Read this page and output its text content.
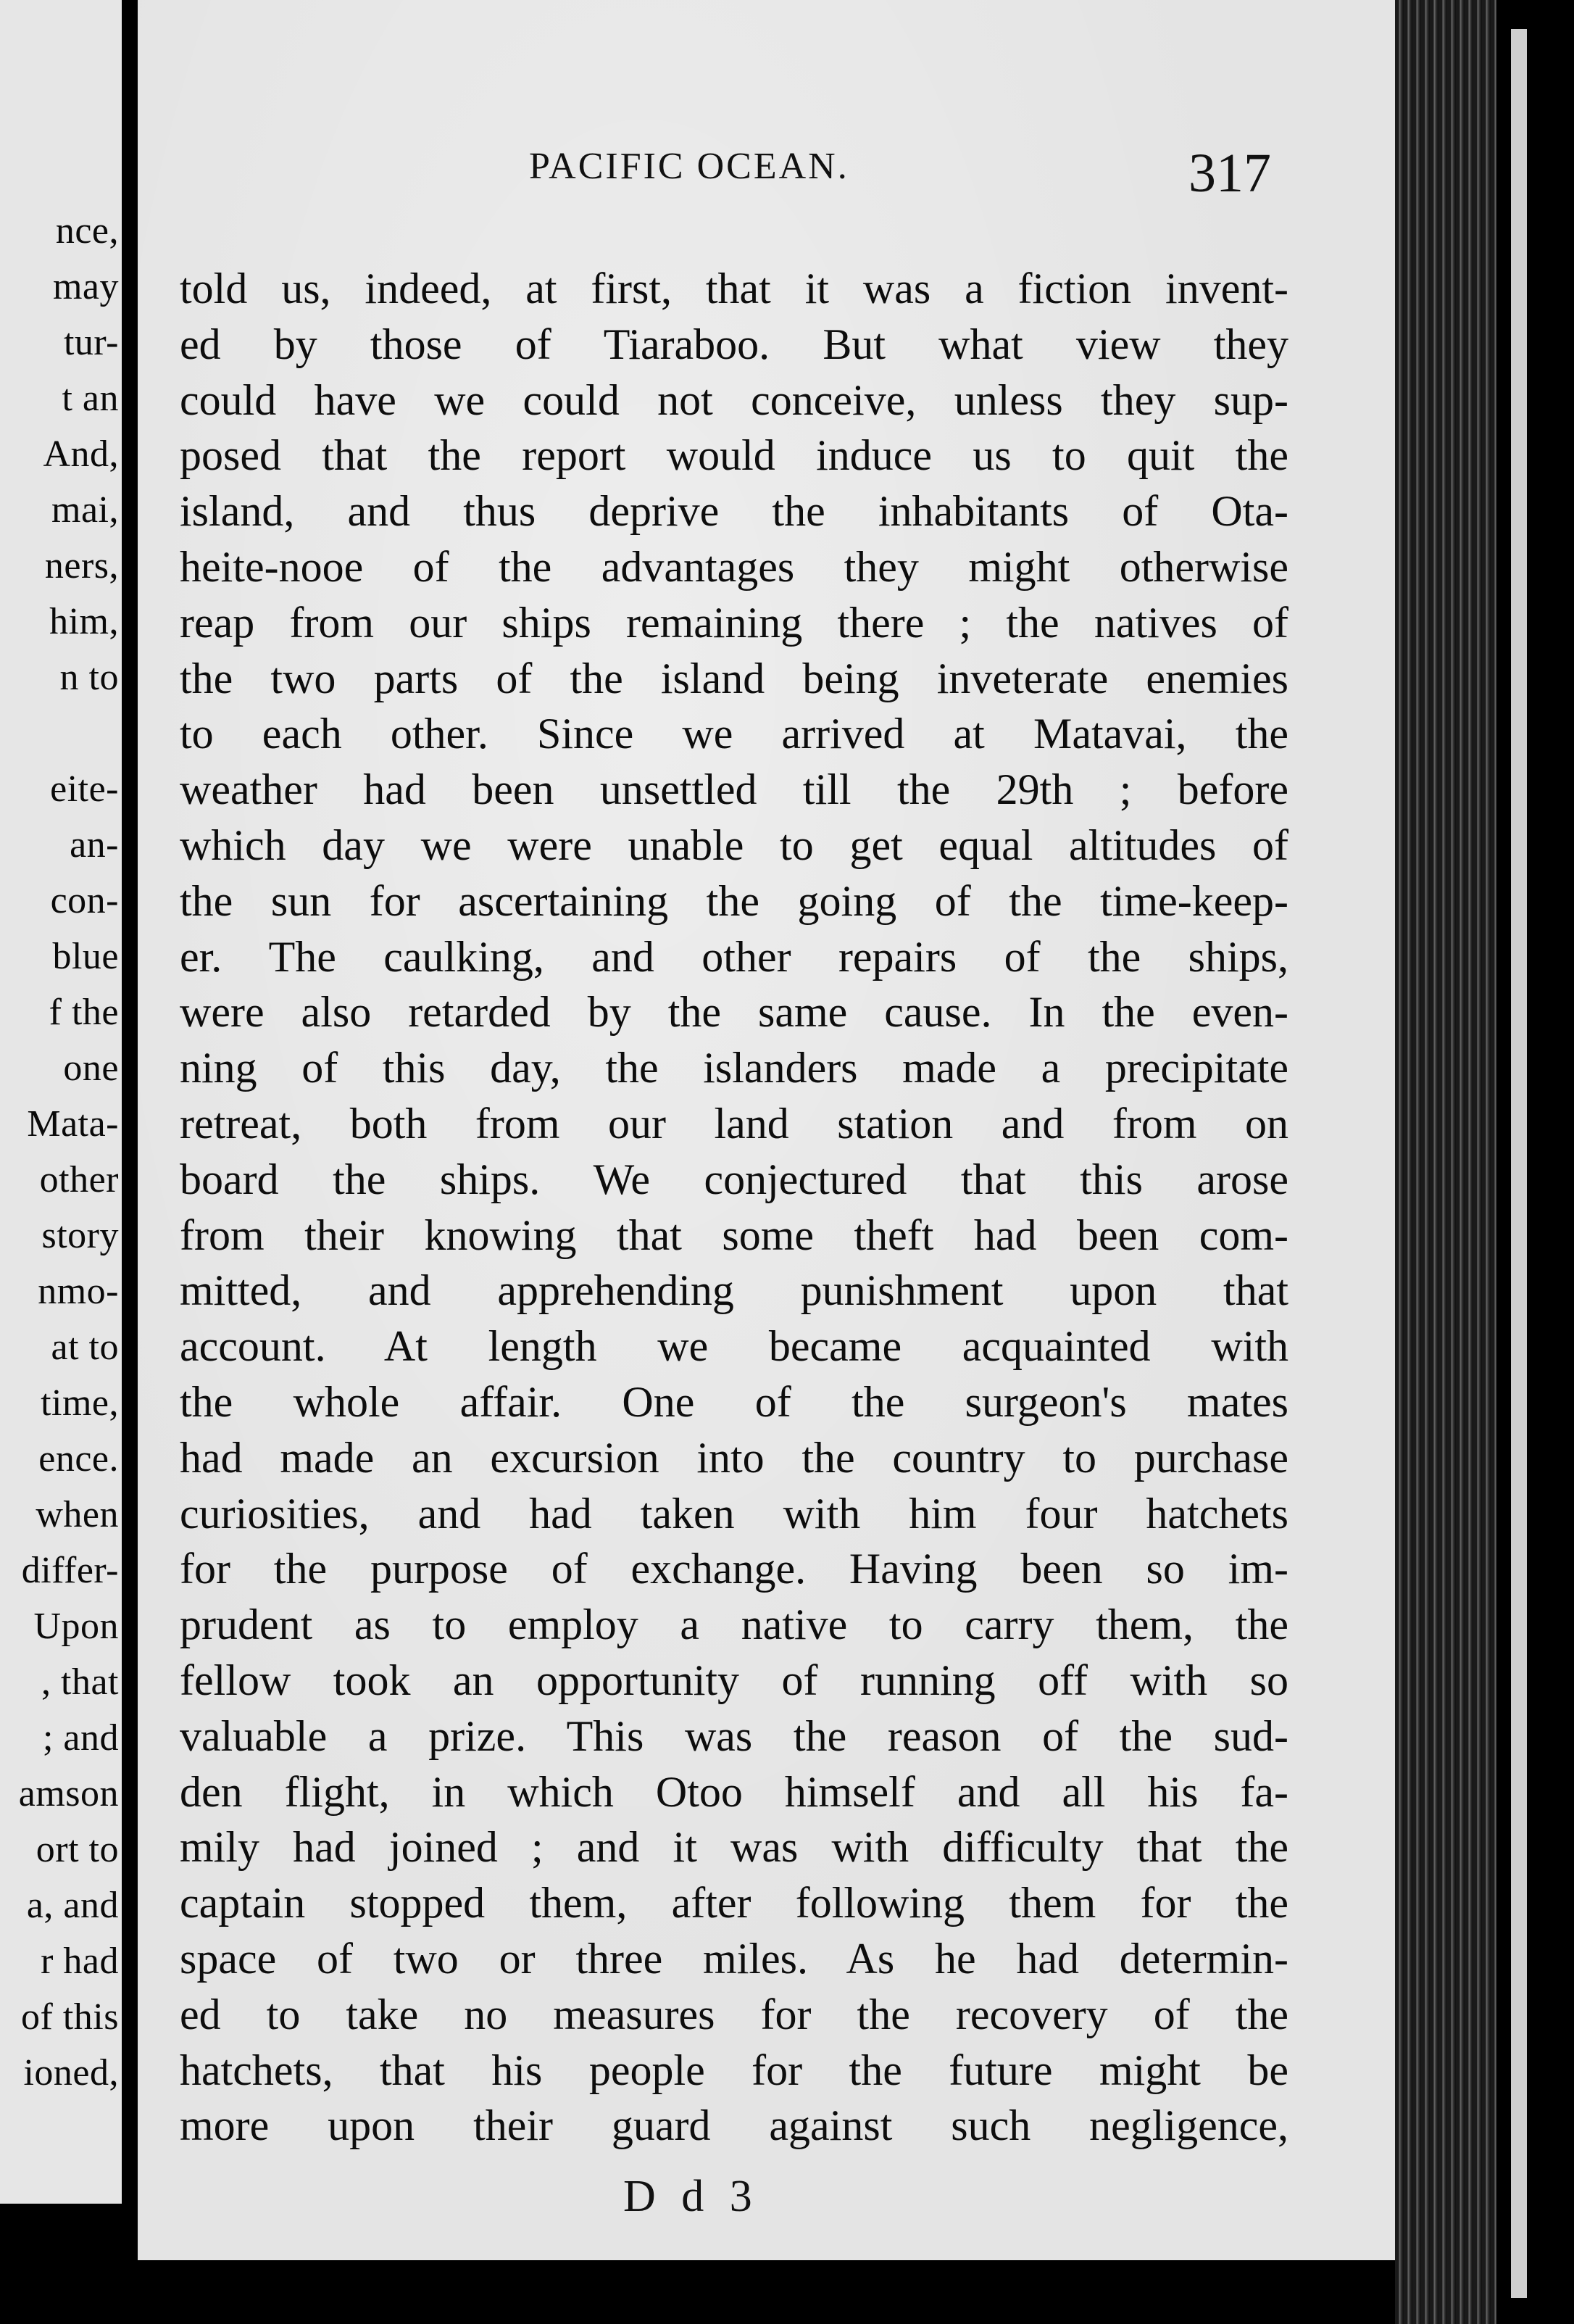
nce,
may
tur-
t an
And,
mai,
ners,
him,
n to
eite-
an-
con-
blue
f the
one
Mata-
other
story
nmo-
at to
time,
ence.
when
differ-
Upon
, that
; and
amson
ort to
a, and
r had
of this
ioned,
PACIFIC OCEAN.	317
told us, indeed, at first, that it was a fiction invent-
ed by those of Tiaraboo. But what view they
could have we could not conceive, unless they sup-
posed that the report would induce us to quit the
island, and thus deprive the inhabitants of Ota-
heite-nooe of the advantages they might otherwise
reap from our ships remaining there ; the natives of
the two parts of the island being inveterate enemies
to each other. Since we arrived at Matavai, the
weather had been unsettled till the 29th ; before
which day we were unable to get equal altitudes of
the sun for ascertaining the going of the time-keep-
er. The caulking, and other repairs of the ships,
were also retarded by the same cause. In the even-
ning of this day, the islanders made a precipitate
retreat, both from our land station and from on
board the ships. We conjectured that this arose
from their knowing that some theft had been com-
mitted, and apprehending punishment upon that
account. At length we became acquainted with
the whole affair. One of the surgeon's mates
had made an excursion into the country to purchase
curiosities, and had taken with him four hatchets
for the purpose of exchange. Having been so im-
prudent as to employ a native to carry them, the
fellow took an opportunity of running off with so
valuable a prize. This was the reason of the sud-
den flight, in which Otoo himself and all his fa-
mily had joined ; and it was with difficulty that the
captain stopped them, after following them for the
space of two or three miles. As he had determin-
ed to take no measures for the recovery of the
hatchets, that his people for the future might be
more upon their guard against such negligence,
D d 3
